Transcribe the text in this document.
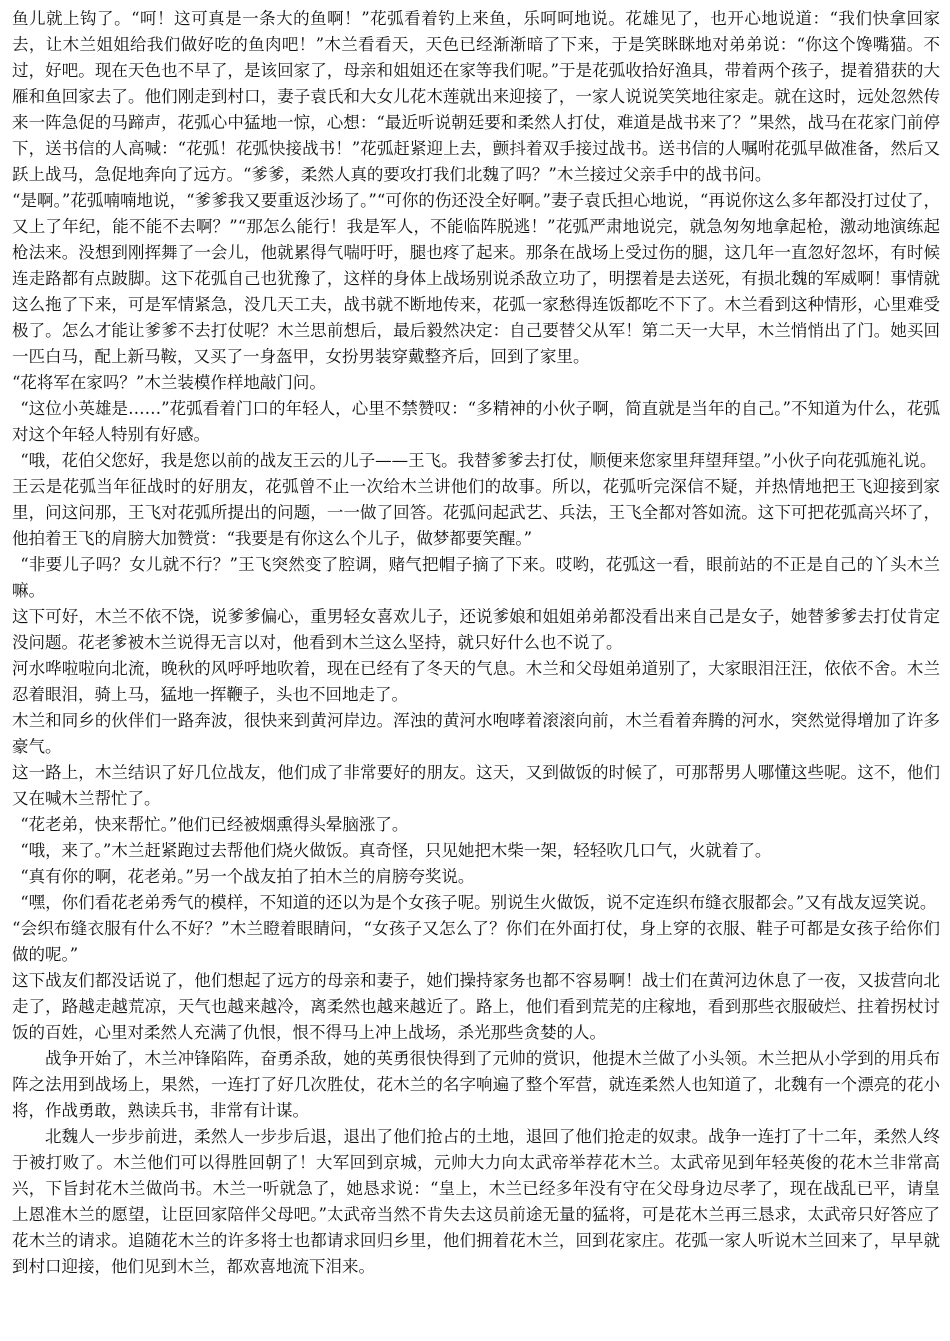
鱼儿就上钩了。“呵！这可真是一条大的鱼啊！”花弧看着钓上来鱼，乐呵呵地说。花雄见了，也开心地说道：“我们快拿回家去，让木兰姐姐给我们做好吃的鱼肉吧！”木兰看看天，天色已经渐渐暗了下来，于是笑眯眯地对弟弟说：“你这个馋嘴猫。不过，好吧。现在天色也不早了，是该回家了，母亲和姐姐还在家等我们呢。”于是花弧收拾好渔具，带着两个孩子，提着猎获的大雁和鱼回家去了。他们刚走到村口，妻子袁氏和大女儿花木莲就出来迎接了，一家人说说笑笑地往家走。就在这时，远处忽然传来一阵急促的马蹄声，花弧心中猛地一惊，心想：“最近听说朝廷要和柔然人打仗，难道是战书来了？”果然，战马在花家门前停下，送书信的人高喊：“花弧！花弧快接战书！”花弧赶紧迎上去，颤抖着双手接过战书。送书信的人嘱咐花弧早做准备，然后又跃上战马，急促地奔向了远方。“爹爹，柔然人真的要攻打我们北魏了吗？”木兰接过父亲手中的战书问。

“是啊。”花弧喃喃地说，“爹爹我又要重返沙场了。”“可你的伤还没全好啊。”妻子袁氏担心地说，“再说你这么多年都没打过仗了，又上了年纪，能不能不去啊？”“那怎么能行！我是军人，不能临阵脱逃！”花弧严肃地说完，就急匆匆地拿起枪，激动地演练起枪法来。没想到刚挥舞了一会儿，他就累得气喘吁吁，腿也疼了起来。那条在战场上受过伤的腿，这几年一直忽好忽坏，有时候连走路都有点跛脚。这下花弧自己也犹豫了，这样的身体上战场别说杀敌立功了，明摆着是去送死，有损北魏的军威啊！事情就这么拖了下来，可是军情紧急，没几天工夫，战书就不断地传来，花弧一家愁得连饭都吃不下了。木兰看到这种情形，心里难受极了。怎么才能让爹爹不去打仗呢？木兰思前想后，最后毅然决定：自己要替父从军！第二天一大早，木兰悄悄出了门。她买回一匹白马，配上新马鞍，又买了一身盔甲，女扮男装穿戴整齐后，回到了家里。

“花将军在家吗？”木兰装模作样地敲门问。

“这位小英雄是……”花弧看着门口的年轻人，心里不禁赞叹：“多精神的小伙子啊，简直就是当年的自己。”不知道为什么，花弧对这个年轻人特别有好感。

“哦，花伯父您好，我是您以前的战友王云的儿子——王飞。我替爹爹去打仗，顺便来您家里拜望拜望。”小伙子向花弧施礼说。

王云是花弧当年征战时的好朋友，花弧曾不止一次给木兰讲他们的故事。所以，花弧听完深信不疑，并热情地把王飞迎接到家里，问这问那，王飞对花弧所提出的问题，一一做了回答。花弧问起武艺、兵法，王飞全都对答如流。这下可把花弧高兴坏了，他拍着王飞的肩膀大加赞赏：“我要是有你这么个儿子，做梦都要笑醒。”

“非要儿子吗？女儿就不行？”王飞突然变了腔调，赌气把帽子摘了下来。哎哟，花弧这一看，眼前站的不正是自己的丫头木兰嘛。

这下可好，木兰不依不饶，说爹爹偏心，重男轻女喜欢儿子，还说爹娘和姐姐弟弟都没看出来自己是女子，她替爹爹去打仗肯定没问题。花老爹被木兰说得无言以对，他看到木兰这么坚持，就只好什么也不说了。

河水哗啦啦向北流，晚秋的风呼呼地吹着，现在已经有了冬天的气息。木兰和父母姐弟道别了，大家眼泪汪汪，依依不舍。木兰忍着眼泪，骑上马，猛地一挥鞭子，头也不回地走了。

木兰和同乡的伙伴们一路奔波，很快来到黄河岸边。浑浊的黄河水咆哮着滚滚向前，木兰看着奔腾的河水，突然觉得增加了许多豪气。

这一路上，木兰结识了好几位战友，他们成了非常要好的朋友。这天，又到做饭的时候了，可那帮男人哪懂这些呢。这不，他们又在喊木兰帮忙了。

“花老弟，快来帮忙。”他们已经被烟熏得头晕脑涨了。

“哦，来了。”木兰赶紧跑过去帮他们烧火做饭。真奇怪，只见她把木柴一架，轻轻吹几口气，火就着了。

“真有你的啊，花老弟。”另一个战友拍了拍木兰的肩膀夸奖说。

“嘿，你们看花老弟秀气的模样，不知道的还以为是个女孩子呢。别说生火做饭，说不定连织布缝衣服都会。”又有战友逗笑说。

“会织布缝衣服有什么不好？”木兰瞪着眼睛问，“女孩子又怎么了？你们在外面打仗，身上穿的衣服、鞋子可都是女孩子给你们做的呢。”

这下战友们都没话说了，他们想起了远方的母亲和妻子，她们操持家务也都不容易啊！战士们在黄河边休息了一夜，又拔营向北走了，路越走越荒凉，天气也越来越冷，离柔然也越来越近了。路上，他们看到荒芜的庄稼地，看到那些衣服破烂、拄着拐杖讨饭的百姓，心里对柔然人充满了仇恨，恨不得马上冲上战场，杀光那些贪婪的人。

战争开始了，木兰冲锋陷阵，奋勇杀敌，她的英勇很快得到了元帅的赏识，他提木兰做了小头领。木兰把从小学到的用兵布阵之法用到战场上，果然，一连打了好几次胜仗，花木兰的名字响遍了整个军营，就连柔然人也知道了，北魏有一个漂亮的花小将，作战勇敢，熟读兵书，非常有计谋。

北魏人一步步前进，柔然人一步步后退，退出了他们抢占的土地，退回了他们抢走的奴隶。战争一连打了十二年，柔然人终于被打败了。木兰他们可以得胜回朝了！大军回到京城，元帅大力向太武帝举荐花木兰。太武帝见到年轻英俊的花木兰非常高兴，下旨封花木兰做尚书。木兰一听就急了，她恳求说：“皇上，木兰已经多年没有守在父母身边尽孝了，现在战乱已平，请皇上恩准木兰的愿望，让臣回家陪伴父母吧。”太武帝当然不肯失去这员前途无量的猛将，可是花木兰再三恳求，太武帝只好答应了花木兰的请求。追随花木兰的许多将士也都请求回归乡里，他们拥着花木兰，回到花家庄。花弧一家人听说木兰回来了，早早就到村口迎接，他们见到木兰，都欢喜地流下泪来。
